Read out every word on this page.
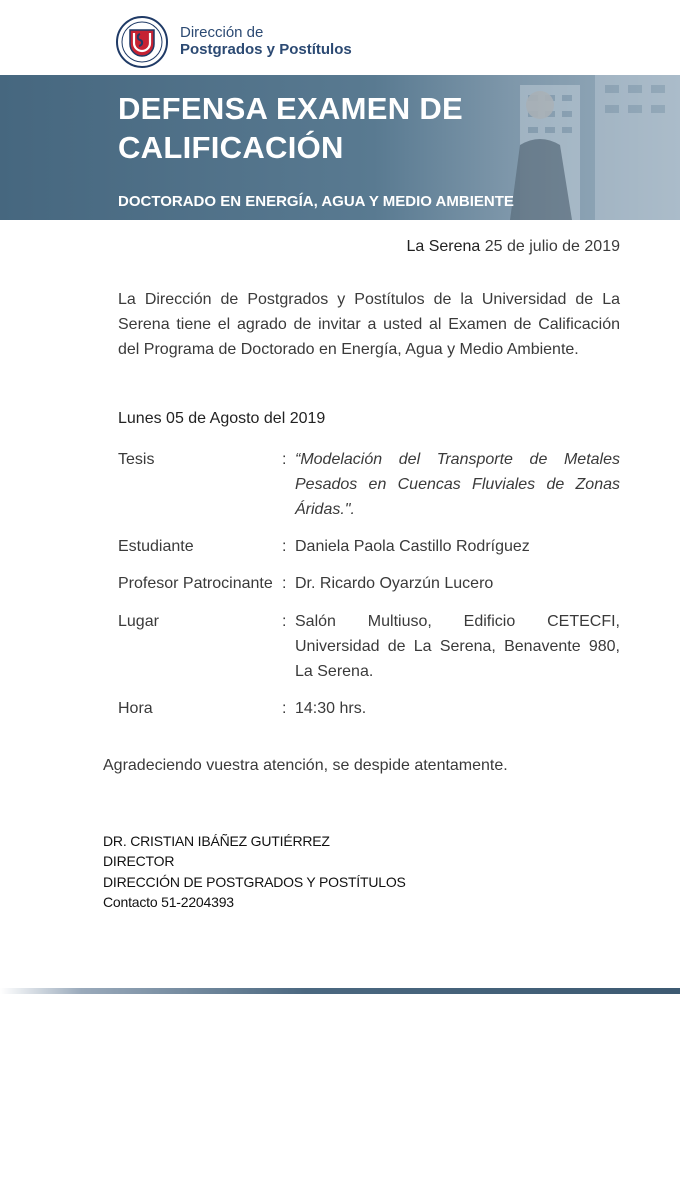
Dirección de
Postgrados y Postítulos
DEFENSA EXAMEN DE
CALIFICACIÓN
DOCTORADO EN ENERGÍA, AGUA Y MEDIO AMBIENTE
La Serena 25 de julio de 2019
La Dirección de Postgrados y Postítulos de la Universidad de La Serena tiene el agrado de invitar a usted al Examen de Calificación del Programa de Doctorado en Energía, Agua y Medio Ambiente.
Lunes 05 de Agosto del 2019
Tesis	: “Modelación del Transporte de Metales Pesados en Cuencas Fluviales de Zonas Áridas.".
Estudiante	: Daniela Paola Castillo Rodríguez
Profesor Patrocinante : Dr. Ricardo Oyarzún Lucero
Lugar	: Salón Multiuso, Edificio CETECFI, Universidad de La Serena, Benavente 980, La Serena.
Hora	: 14:30 hrs.
Agradeciendo vuestra atención, se despide atentamente.
DR. CRISTIAN IBÁÑEZ GUTIÉRREZ
DIRECTOR
DIRECCIÓN DE POSTGRADOS Y POSTÍTULOS
Contacto 51-2204393
